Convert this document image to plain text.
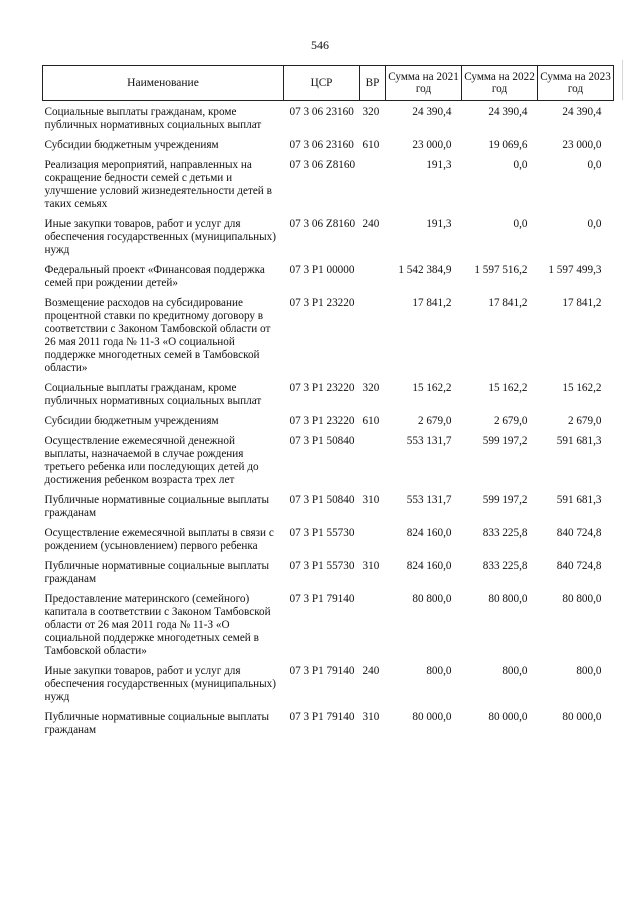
546
Наименование	ЦСР	ВР	Сумма на 2021 год	Сумма на 2022 год	Сумма на 2023 год
Социальные выплаты гражданам, кроме публичных нормативных социальных выплат	07 3 06 23160	320	24 390,4	24 390,4	24 390,4
Субсидии бюджетным учреждениям	07 3 06 23160	610	23 000,0	19 069,6	23 000,0
Реализация мероприятий, направленных на сокращение бедности семей с детьми и улучшение условий жизнедеятельности детей в таких семьях	07 3 06 Z8160		191,3	0,0	0,0
Иные закупки товаров, работ и услуг для обеспечения государственных (муниципальных) нужд	07 3 06 Z8160	240	191,3	0,0	0,0
Федеральный проект «Финансовая поддержка семей при рождении детей»	07 3 P1 00000		1 542 384,9	1 597 516,2	1 597 499,3
Возмещение расходов на субсидирование процентной ставки по кредитному договору в соответствии с Законом Тамбовской области от 26 мая 2011 года № 11-З «О социальной поддержке многодетных семей в Тамбовской области»	07 3 P1 23220		17 841,2	17 841,2	17 841,2
Социальные выплаты гражданам, кроме публичных нормативных социальных выплат	07 3 P1 23220	320	15 162,2	15 162,2	15 162,2
Субсидии бюджетным учреждениям	07 3 P1 23220	610	2 679,0	2 679,0	2 679,0
Осуществление ежемесячной денежной выплаты, назначаемой в случае рождения третьего ребенка или последующих детей до достижения ребенком возраста трех лет	07 3 P1 50840		553 131,7	599 197,2	591 681,3
Публичные нормативные социальные выплаты гражданам	07 3 P1 50840	310	553 131,7	599 197,2	591 681,3
Осуществление ежемесячной выплаты в связи с рождением (усыновлением) первого ребенка	07 3 P1 55730		824 160,0	833 225,8	840 724,8
Публичные нормативные социальные выплаты гражданам	07 3 P1 55730	310	824 160,0	833 225,8	840 724,8
Предоставление материнского (семейного) капитала в соответствии с Законом Тамбовской области от 26 мая 2011 года № 11-З «О социальной поддержке многодетных семей в Тамбовской области»	07 3 P1 79140		80 800,0	80 800,0	80 800,0
Иные закупки товаров, работ и услуг для обеспечения государственных (муниципальных) нужд	07 3 P1 79140	240	800,0	800,0	800,0
Публичные нормативные социальные выплаты гражданам	07 3 P1 79140	310	80 000,0	80 000,0	80 000,0
